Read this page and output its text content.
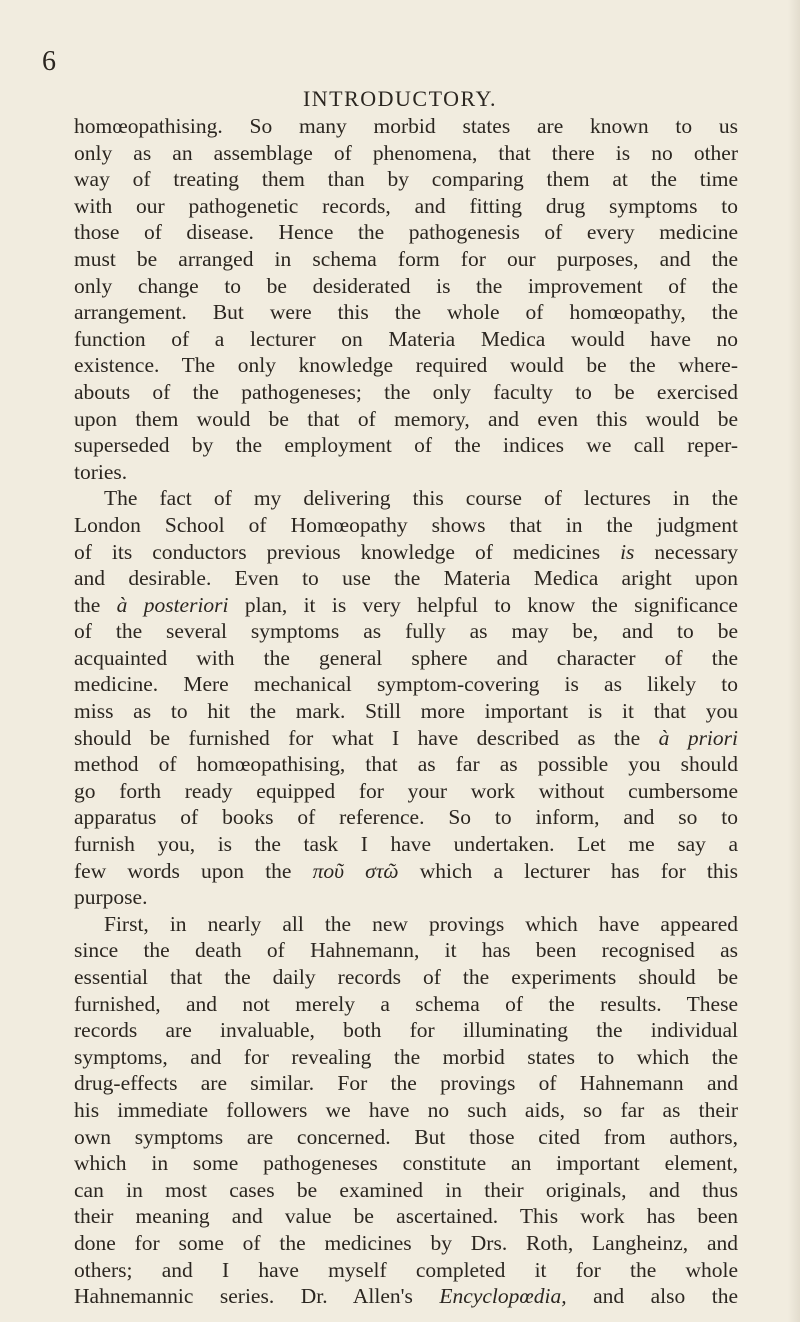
6
INTRODUCTORY.
homœopathising. So many morbid states are known to us
only as an assemblage of phenomena, that there is no other
way of treating them than by comparing them at the time
with our pathogenetic records, and fitting drug symptoms to
those of disease. Hence the pathogenesis of every medicine
must be arranged in schema form for our purposes, and the
only change to be desiderated is the improvement of the
arrangement. But were this the whole of homœopathy, the
function of a lecturer on Materia Medica would have no
existence. The only knowledge required would be the where-
abouts of the pathogeneses; the only faculty to be exercised
upon them would be that of memory, and even this would be
superseded by the employment of the indices we call reper-
tories.
The fact of my delivering this course of lectures in the
London School of Homœopathy shows that in the judgment
of its conductors previous knowledge of medicines is necessary
and desirable. Even to use the Materia Medica aright upon
the à posteriori plan, it is very helpful to know the significance
of the several symptoms as fully as may be, and to be
acquainted with the general sphere and character of the
medicine. Mere mechanical symptom-covering is as likely to
miss as to hit the mark. Still more important is it that you
should be furnished for what I have described as the à priori
method of homœopathising, that as far as possible you should
go forth ready equipped for your work without cumbersome
apparatus of books of reference. So to inform, and so to
furnish you, is the task I have undertaken. Let me say a
few words upon the ποῦ στῶ which a lecturer has for this
purpose.
First, in nearly all the new provings which have appeared
since the death of Hahnemann, it has been recognised as
essential that the daily records of the experiments should be
furnished, and not merely a schema of the results. These
records are invaluable, both for illuminating the individual
symptoms, and for revealing the morbid states to which the
drug-effects are similar. For the provings of Hahnemann and
his immediate followers we have no such aids, so far as their
own symptoms are concerned. But those cited from authors,
which in some pathogeneses constitute an important element,
can in most cases be examined in their originals, and thus
their meaning and value be ascertained. This work has been
done for some of the medicines by Drs. Roth, Langheinz, and
others; and I have myself completed it for the whole
Hahnemannic series. Dr. Allen's Encyclopœdia, and also the
